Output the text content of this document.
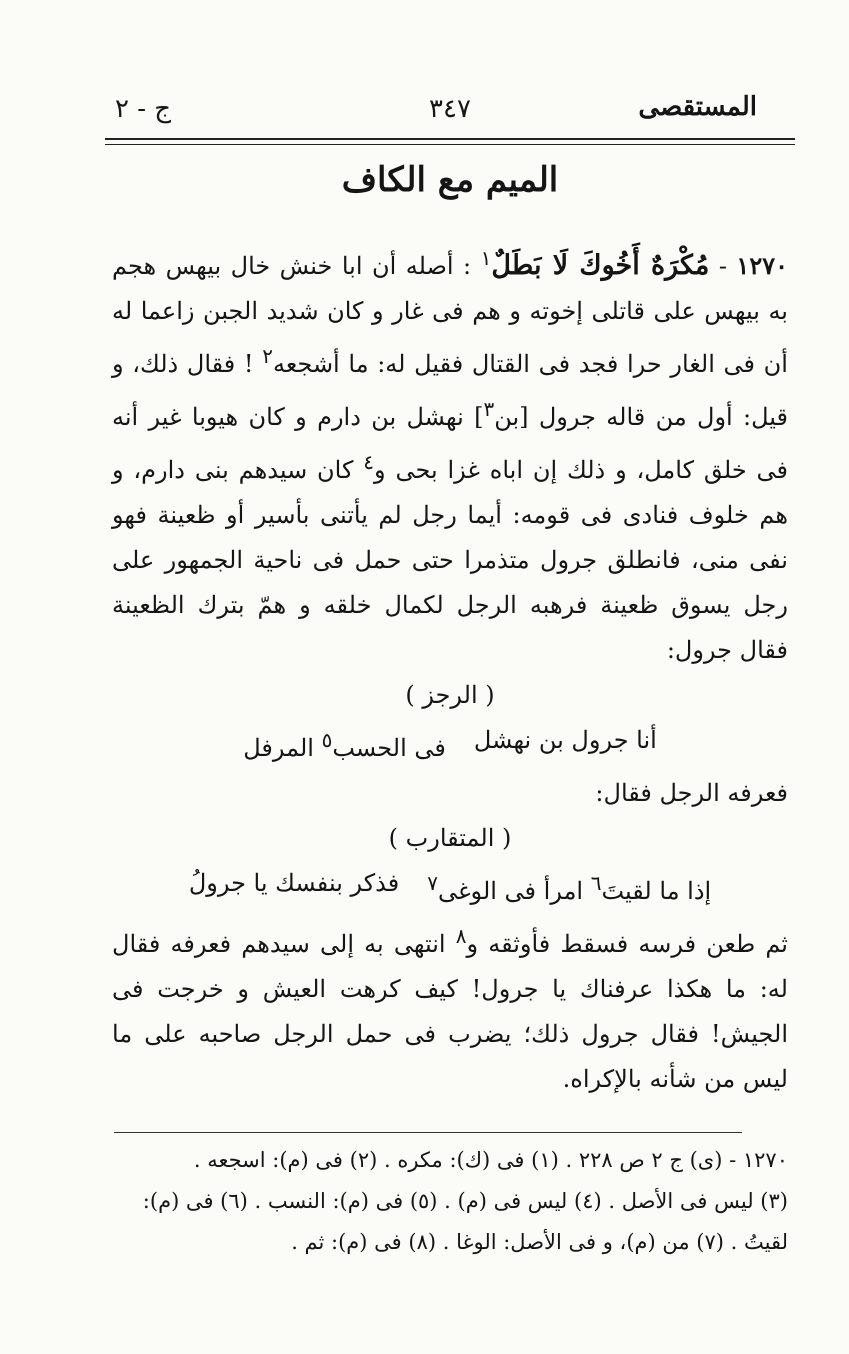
ج - ٢	٣٤٧	المستقصى
الميم مع الكاف

١٢٧٠ - مُكْرَهٌ أَخُوكَ لَا بَطَلٌ$^١$ : أصله أن ابا خنش خال بيهس هجم به بيهس على قاتلى إخوته و هم فى غار و كان شديد الجبن زاعما له أن فى الغار حرا فجد فى القتال فقيل له: ما أشجعه$^٢$ ! فقال ذلك، و قيل: أول من قاله جرول [بن$^٣$] نهشل بن دارم و كان هيوبا غير أنه فى خلق كامل، و ذلك إن اباه غزا بحى و$^٤$ كان سيدهم بنى دارم، و هم خلوف فنادى فى قومه: أيما رجل لم يأتنى بأسير أو ظعينة فهو نفى منى، فانطلق جرول متذمرا حتى حمل فى ناحية الجمهور على رجل يسوق ظعينة فرهبه الرجل لكمال خلقه و همّ بترك الظعينة فقال جرول:

( الرجز )

أنا جرول بن نهشل
فى الحسب$^٥$ المرفل

فعرفه الرجل فقال:

( المتقارب )

إذا ما لقيتَ$^٦$ امرأ فى الوغى$^٧$
فذكر بنفسك يا جرولُ

ثم طعن فرسه فسقط فأوثقه و$^٨$ انتهى به إلى سيدهم فعرفه فقال له: ما هكذا عرفناك يا جرول! كيف كرهت العيش و خرجت فى الجيش! فقال جرول ذلك؛ يضرب فى حمل الرجل صاحبه على ما ليس من شأنه بالإكراه.

١٢٧٠ - (ى) ج ٢ ص ٢٢٨ . (١) فى (ك): مكره . (٢) فى (م): اسجعه .

(٣) ليس فى الأصل . (٤) ليس فى (م) . (٥) فى (م): النسب . (٦) فى (م):

لقيتُ . (٧) من (م)، و فى الأصل: الوغا . (٨) فى (م): ثم .
